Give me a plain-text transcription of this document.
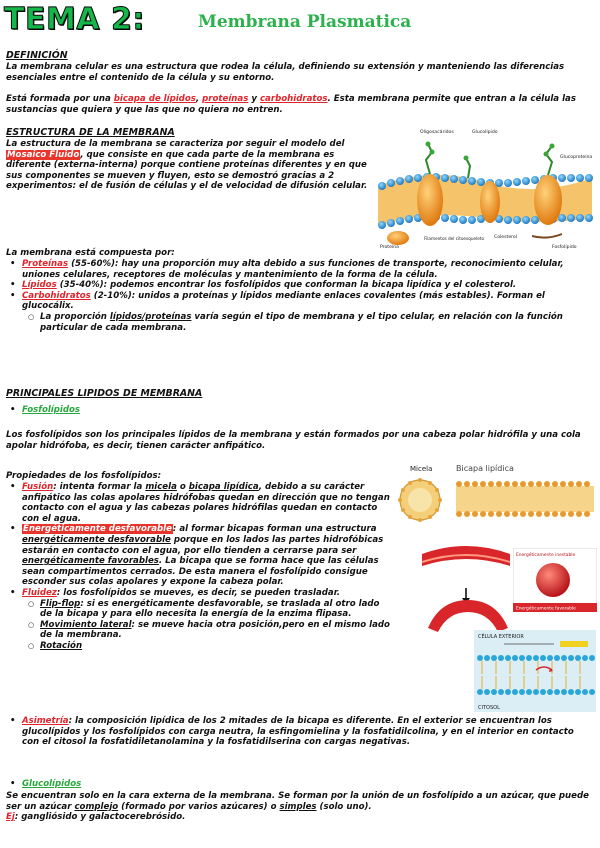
TEMA 2:	Membrana Plasmatica
DEFINICIÓN
La membrana celular es una estructura que rodea la célula, definiendo su extensión y manteniendo las diferencias esenciales entre el contenido de la célula y su entorno.
Está formada por una bicapa de lípidos, proteínas y carbohidratos. Esta membrana permite que entran a la célula las sustancias que quiera y que las que no quiera no entren.
ESTRUCTURA DE LA MEMBRANA
La estructura de la membrana se caracteriza por seguir el modelo del Mosaico Fluido, que consiste en que cada parte de la membrana es diferente (externa-interna) porque contiene proteínas diferentes y en que sus componentes se mueven y fluyen, esto se demostró gracias a 2 experimentos: el de fusión de células y el de velocidad de difusión celular.
Oligosacáridos	Glucolípido
Glucoproteína
Proteína
Filamentos del citoesqueleto Colesterol
Fosfolípido
La membrana está compuesta por:
• Proteínas (55-60%): hay una proporción muy alta debido a sus funciones de transporte, reconocimiento celular, uniones celulares, receptores de moléculas y mantenimiento de la forma de la célula.
• Lípidos (35-40%): podemos encontrar los fosfolípidos que conforman la bicapa lipídica y el colesterol.
• Carbohidratos (2-10%): unidos a proteínas y lípidos mediante enlaces covalentes (más estables). Forman el glucocálix.
○ La proporción lípidos/proteínas varía según el tipo de membrana y el tipo celular, en relación con la función particular de cada membrana.
PRINCIPALES LIPIDOS DE MEMBRANA
• Fosfolípidos
Los fosfolípidos son los principales lípidos de la membrana y están formados por una cabeza polar hidrófila y una cola apolar hidrófoba, es decir, tienen carácter anfipático.
Propiedades de los fosfolípidos:
• Fusión: intenta formar la micela o bicapa lipídica, debido a su carácter anfipático las colas apolares hidrófobas quedan en dirección que no tengan contacto con el agua y las cabezas polares hidrófilas quedan en contacto con el agua.
• Energéticamente desfavorable: al formar bicapas forman una estructura energéticamente desfavorable porque en los lados las partes hidrofóbicas estarán en contacto con el agua, por ello tienden a cerrarse para ser energéticamente favorables. La bicapa que se forma hace que las células sean compartimentos cerrados. De esta manera el fosfolípido consigue esconder sus colas apolares y expone la cabeza polar.
• Fluidez: los fosfolípidos se mueves, es decir, se pueden trasladar.
○ Flip-flop: si es energéticamente desfavorable, se traslada al otro lado de la bicapa y para ello necesita la energía de la enzima flipasa.
○ Movimiento lateral: se mueve hacia otra posición,pero en el mismo lado de la membrana.
○ Rotación
Micela	Bicapa lipídica
Energéticamente inestable
Energéticamente favorable
CÉLULA EXTERIOR
CITOSOL
• Asimetría: la composición lipídica de los 2 mitades de la bicapa es diferente. En el exterior se encuentran los glucolípidos y los fosfolípidos con carga neutra, la esfingomielina y la fosfatidilcolina, y en el interior en contacto con el citosol la fosfatidiletanolamina y la fosfatidilserina con cargas negativas.
• Glucolípidos
Se encuentran solo en la cara externa de la membrana. Se forman por la unión de un fosfolípido a un azúcar, que puede ser un azúcar complejo (formado por varios azúcares) o simples (solo uno).
Ej: gangliósido y galactocerebrósido.
